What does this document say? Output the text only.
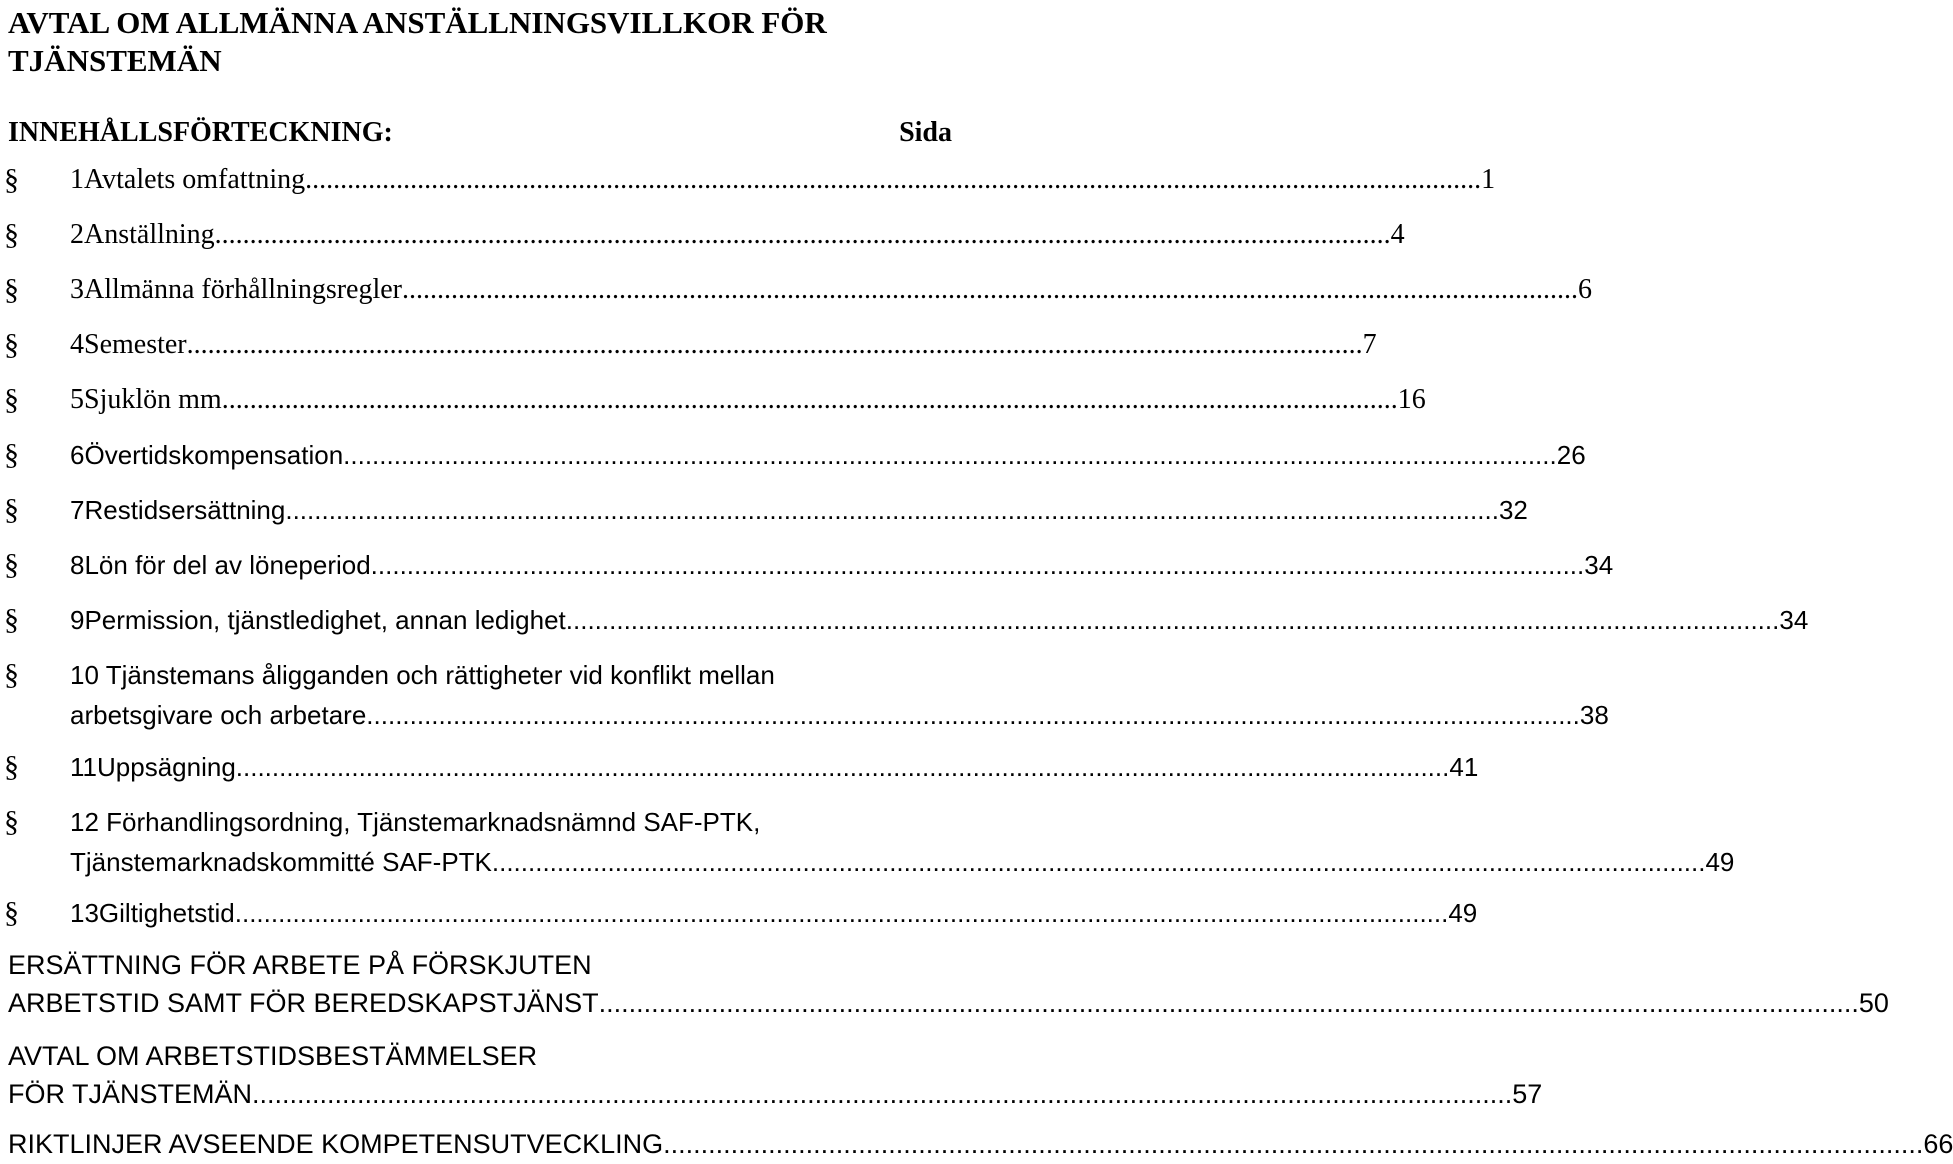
AVTAL OM ALLMÄNNA ANSTÄLLNINGSVILLKOR FÖR TJÄNSTEMÄN
INNEHÅLLSFÖRTECKNING:	Sida
§ 1 Avtalets omfattning ........................................................................................................................................................................ 1
§ 2 Anställning ........................................................................................................................................................................ 4
§ 3 Allmänna förhållningsregler ........................................................................................................................................................................ 6
§ 4 Semester ........................................................................................................................................................................ 7
§ 5 Sjuklön mm ........................................................................................................................................................................ 16
§ 6 Övertidskompensation ........................................................................................................................................................................ 26
§ 7 Restidsersättning ........................................................................................................................................................................ 32
§ 8 Lön för del av löneperiod ........................................................................................................................................................................ 34
§ 9 Permission, tjänstledighet, annan ledighet ........................................................................................................................................................................ 34
§ 10 Tjänstemans åligganden och rättigheter vid konflikt mellan
arbetsgivare och arbetare ........................................................................................................................................................................ 38
§ 11 Uppsägning ........................................................................................................................................................................ 41
§ 12 Förhandlingsordning, Tjänstemarknadsnämnd SAF-PTK,
Tjänstemarknadskommitté SAF-PTK ........................................................................................................................................................................ 49
§ 13 Giltighetstid ........................................................................................................................................................................ 49
ERSÄTTNING FÖR ARBETE PÅ FÖRSKJUTEN
ARBETSTID SAMT FÖR BEREDSKAPSTJÄNST ........................................................................................................................................................................ 50
AVTAL OM ARBETSTIDSBESTÄMMELSER
FÖR TJÄNSTEMÄN ........................................................................................................................................................................ 57
RIKTLINJER AVSEENDE KOMPETENSUTVECKLING ........................................................................................................................................................................ 66
